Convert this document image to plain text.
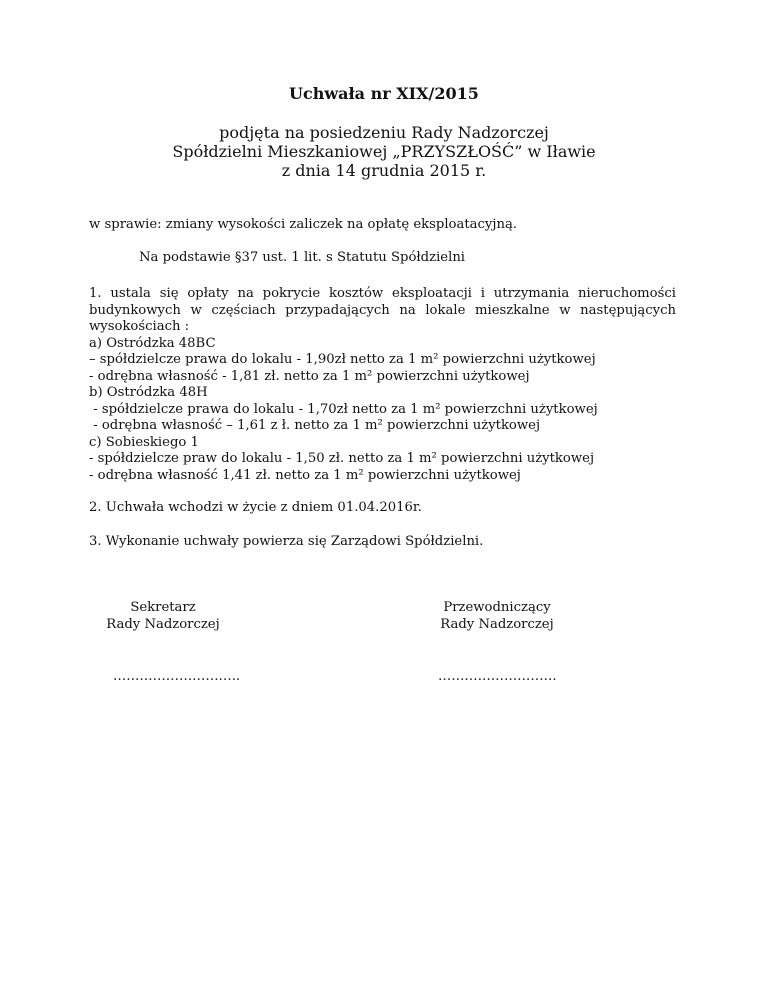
Uchwała nr XIX/2015
podjęta na posiedzeniu Rady Nadzorczej
Spółdzielni Mieszkaniowej „PRZYSZŁOŚĆ” w Iławie
z dnia 14 grudnia 2015 r.
w sprawie: zmiany wysokości zaliczek na opłatę eksploatacyjną.
Na podstawie §37 ust. 1 lit. s Statutu Spółdzielni
1. ustala się opłaty na pokrycie kosztów eksploatacji i utrzymania nieruchomości
budynkowych w częściach przypadających na lokale mieszkalne w następujących
wysokościach :
a) Ostródzka 48BC
– spółdzielcze prawa do lokalu - 1,90zł netto za 1 m² powierzchni użytkowej
- odrębna własność - 1,81 zł. netto za 1 m² powierzchni użytkowej
b) Ostródzka 48H
- spółdzielcze prawa do lokalu - 1,70zł netto za 1 m² powierzchni użytkowej
- odrębna własność – 1,61 z ł. netto za 1 m² powierzchni użytkowej
c) Sobieskiego 1
- spółdzielcze praw do lokalu - 1,50 zł. netto za 1 m² powierzchni użytkowej
- odrębna własność 1,41 zł. netto za 1 m² powierzchni użytkowej
2. Uchwała wchodzi w życie z dniem 01.04.2016r.
3. Wykonanie uchwały powierza się Zarządowi Spółdzielni.
Sekretarz
Rady Nadzorczej
Przewodniczący
Rady Nadzorczej
………………………..	………………………
